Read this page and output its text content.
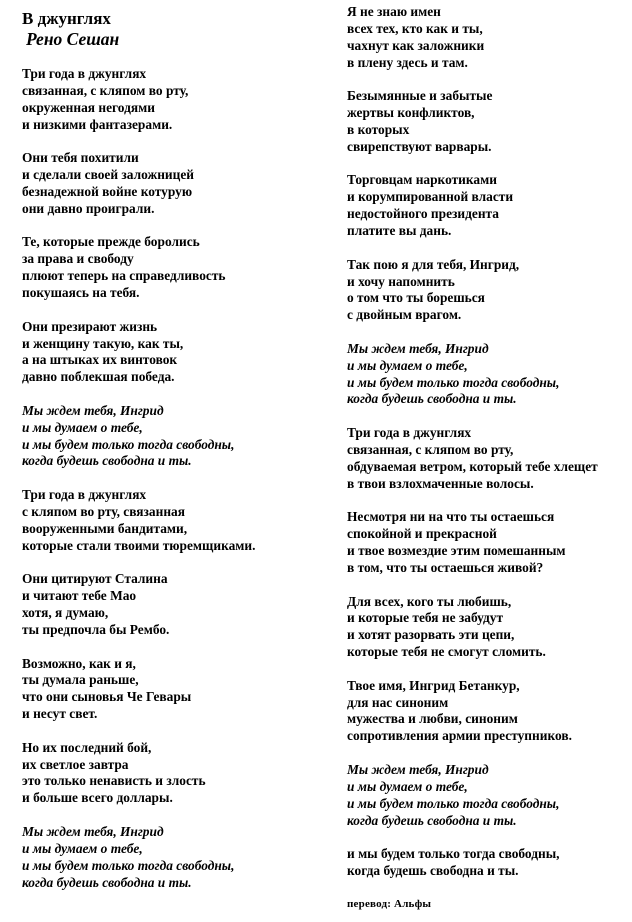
В джунглях
Рено Сешан
Три года в джунглях
связанная, с кляпом во рту,
окруженная негодями
и низкими фантазерами.
Они тебя похитили
и сделали своей заложницей
безнадежной войне котурую
они давно проиграли.
Те, которые прежде боролись
за права и свободу
плюют теперь на справедливость
покушаясь на тебя.
Они презирают жизнь
и женщину такую, как ты,
а на штыках их винтовок
давно поблекшая победа.
Мы ждем тебя, Ингрид
и мы думаем о тебе,
и мы будем только тогда свободны,
когда будешь свободна и ты.
Три года в джунглях
с кляпом во рту, связанная
вооруженными бандитами,
которые стали твоими тюремщиками.
Они цитируют Сталина
и читают тебе Мао
хотя, я думаю,
ты предпочла бы Рембо.
Возможно, как и я,
ты думала раньше,
что они сыновья Че Гевары
и несут свет.
Но их последний бой,
их светлое завтра
это только ненависть и злость
и больше всего доллары.
Мы ждем тебя, Ингрид
и мы думаем о тебе,
и мы будем только тогда свободны,
когда будешь свободна и ты.
Я не знаю имен
всех тех, кто как и ты,
чахнут как заложники
в плену здесь и там.
Безымянные и забытые
жертвы конфликтов,
в которых
свирепствуют варвары.
Торговцам наркотиками
и корумпированной власти
недостойного президента
платите вы дань.
Так пою я для тебя, Ингрид,
и хочу напомнить
о том что ты борешься
с двойным врагом.
Мы ждем тебя, Ингрид
и мы думаем о тебе,
и мы будем только тогда свободны,
когда будешь свободна и ты.
Три года в джунглях
связанная, с кляпом во рту,
обдуваемая ветром, который тебе хлещет
в твои взлохмаченные волосы.
Несмотря ни на что ты остаешься
спокойной и прекрасной
и твое возмездие этим помешанным
в том, что ты остаешься живой?
Для всех, кого ты любишь,
и которые тебя не забудут
и хотят разорвать эти цепи,
которые тебя не смогут сломить.
Твое имя, Ингрид Бетанкур,
для нас синоним
мужества и любви, синоним
сопротивления армии преступников.
Мы ждем тебя, Ингрид
и мы думаем о тебе,
и мы будем только тогда свободны,
когда будешь свободна и ты.
и мы будем только тогда свободны,
когда будешь свободна и ты.
перевод: Альфы
